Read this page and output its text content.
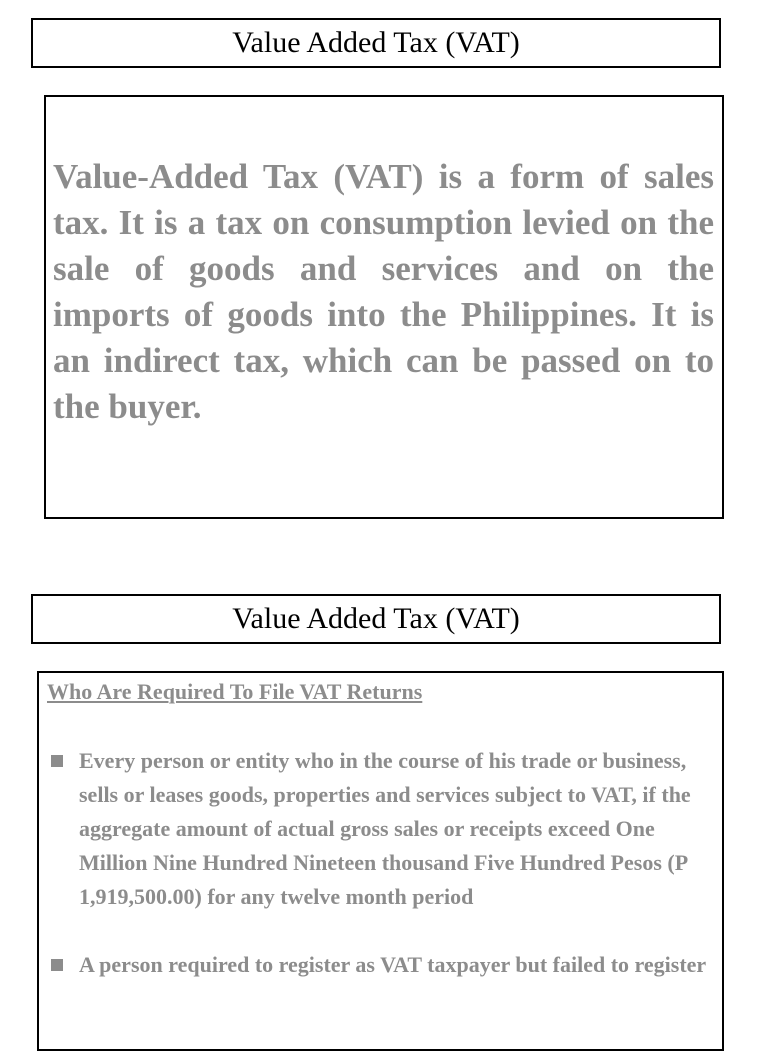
Value Added Tax (VAT)

Value-Added Tax (VAT) is a form of sales tax. It is a tax on consumption levied on the sale of goods and services and on the imports of goods into the Philippines. It is an indirect tax, which can be passed on to the buyer.

Value Added Tax (VAT)

Who Are Required To File VAT Returns

Every person or entity who in the course of his trade or business, sells or leases goods, properties and services subject to VAT, if the aggregate amount of actual gross sales or receipts exceed One Million Nine Hundred Nineteen thousand Five Hundred Pesos (P 1,919,500.00) for any twelve month period
A person required to register as VAT taxpayer but failed to register
